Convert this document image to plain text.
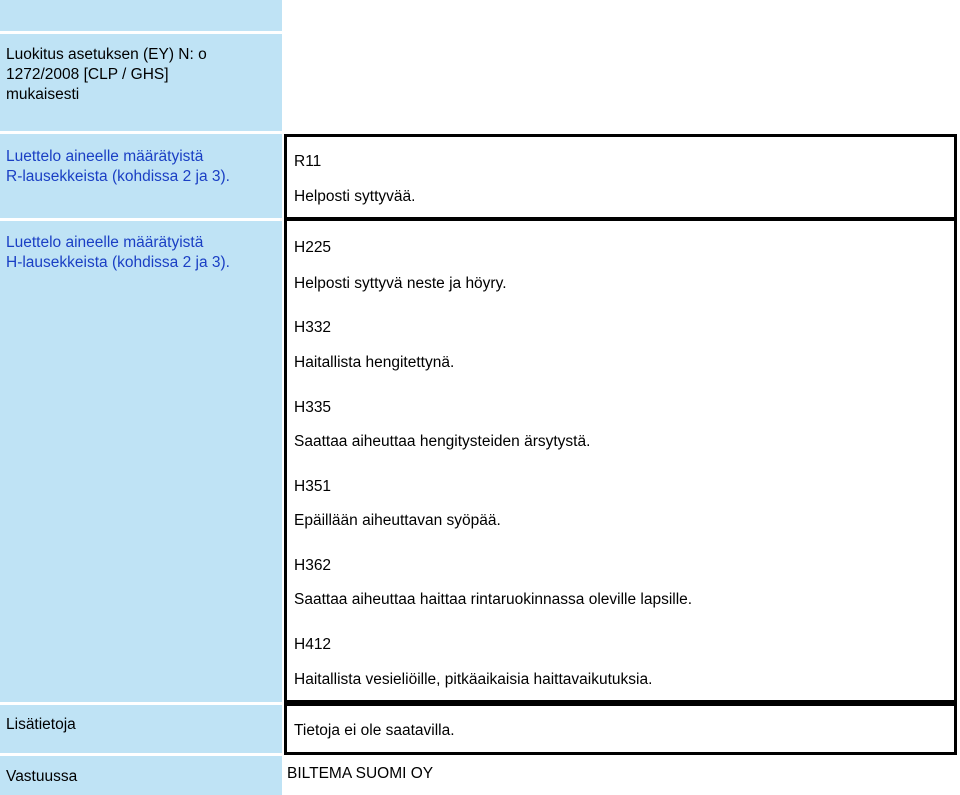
Luokitus asetuksen (EY) N: o
1272/2008 [CLP / GHS]
mukaisesti
Luettelo aineelle määrätyistä
R-lausekkeista (kohdissa 2 ja 3).
Luettelo aineelle määrätyistä
H-lausekkeista (kohdissa 2 ja 3).
Lisätietoja
Vastuussa
R11
Helposti syttyvää.
H225
Helposti syttyvä neste ja höyry.
H332
Haitallista hengitettynä.
H335
Saattaa aiheuttaa hengitysteiden ärsytystä.
H351
Epäillään aiheuttavan syöpää.
H362
Saattaa aiheuttaa haittaa rintaruokinnassa oleville lapsille.
H412
Haitallista vesieliöille, pitkäaikaisia haittavaikutuksia.
Tietoja ei ole saatavilla.
BILTEMA SUOMI OY
